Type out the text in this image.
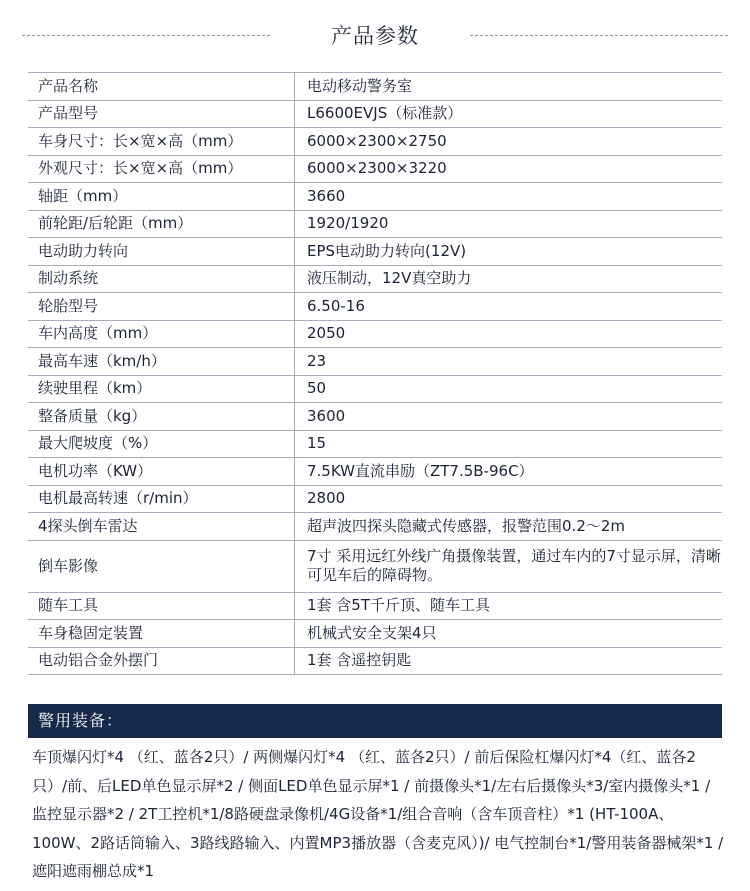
产品参数
产品名称	电动移动警务室
产品型号	L6600EVJS（标准款）
车身尺寸：长×宽×高（mm）	6000×2300×2750
外观尺寸：长×宽×高（mm）	6000×2300×3220
轴距（mm）	3660
前轮距/后轮距（mm）	1920/1920
电动助力转向	EPS电动助力转向(12V)
制动系统	液压制动，12V真空助力
轮胎型号	6.50-16
车内高度（mm）	2050
最高车速（km/h）	23
续驶里程（km）	50
整备质量（kg）	3600
最大爬坡度（%）	15
电机功率（KW）	7.5KW直流串励（ZT7.5B-96C）
电机最高转速（r/min）	2800
4探头倒车雷达	超声波四探头隐藏式传感器，报警范围0.2～2m
倒车影像	7寸 采用远红外线广角摄像装置，通过车内的7寸显示屏，清晰可见车后的障碍物。
随车工具	1套 含5T千斤顶、随车工具
车身稳固定装置	机械式安全支架4只
电动铝合金外摆门	1套 含遥控钥匙
警用装备：

车顶爆闪灯*4 （红、蓝各2只）/ 两侧爆闪灯*4 （红、蓝各2只）/ 前后保险杠爆闪灯*4（红、蓝各2只）/前、后LED单色显示屏*2 / 侧面LED单色显示屏*1 / 前摄像头*1/左右后摄像头*3/室内摄像头*1 / 监控显示器*2 / 2T工控机*1/8路硬盘录像机/4G设备*1/组合音响（含车顶音柱）*1 (HT-100A、100W、2路话筒输入、3路线路输入、内置MP3播放器（含麦克风）)/ 电气控制台*1/警用装备器械架*1 / 遮阳遮雨棚总成*1
